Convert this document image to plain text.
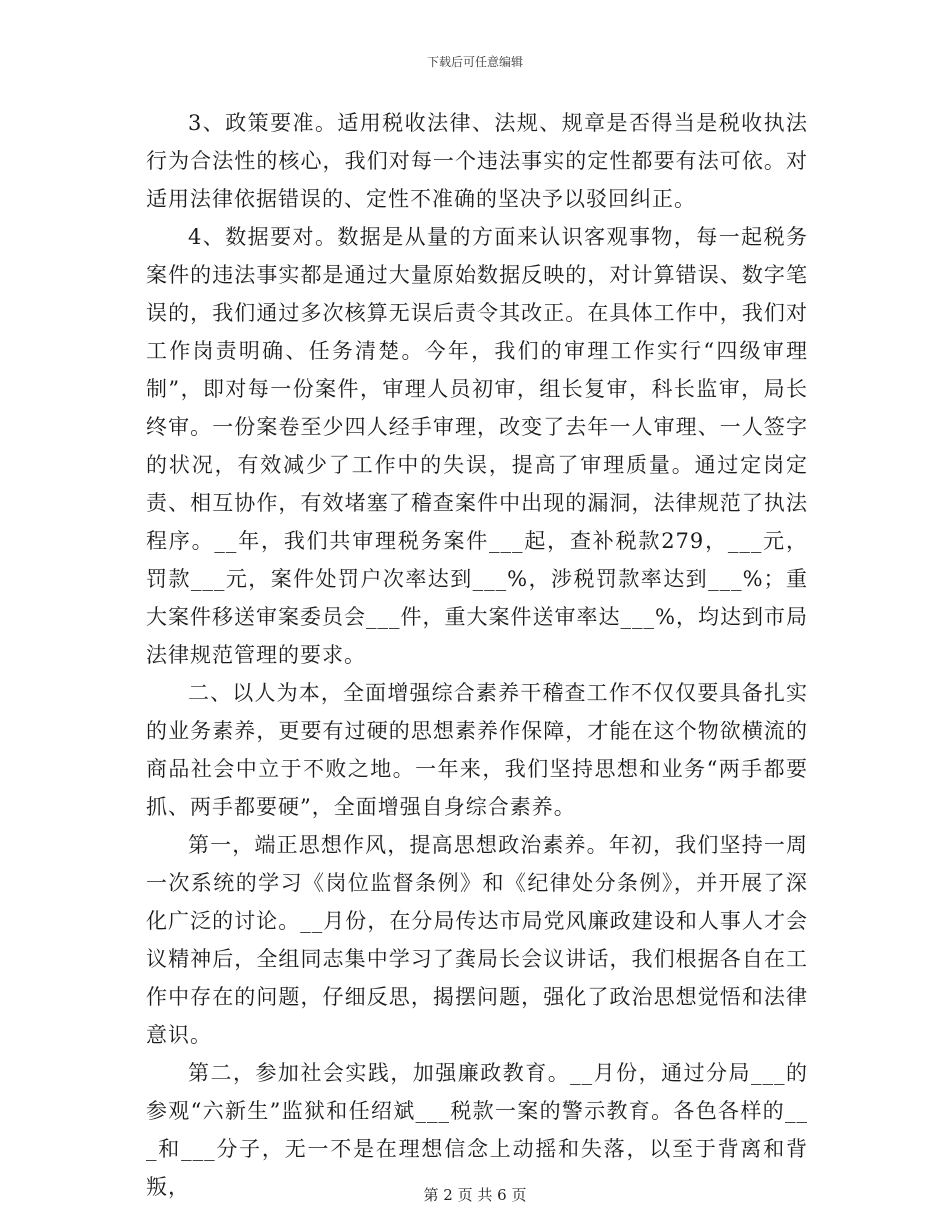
下载后可任意编辑

3、政策要准。适用税收法律、法规、规章是否得当是税收执法行为合法性的核心，我们对每一个违法事实的定性都要有法可依。对适用法律依据错误的、定性不准确的坚决予以驳回纠正。

4、数据要对。数据是从量的方面来认识客观事物，每一起税务案件的违法事实都是通过大量原始数据反映的，对计算错误、数字笔误的，我们通过多次核算无误后责令其改正。在具体工作中，我们对工作岗责明确、任务清楚。今年，我们的审理工作实行“四级审理制”，即对每一份案件，审理人员初审，组长复审，科长监审，局长终审。一份案卷至少四人经手审理，改变了去年一人审理、一人签字的状况，有效减少了工作中的失误，提高了审理质量。通过定岗定责、相互协作，有效堵塞了稽查案件中出现的漏洞，法律规范了执法程序。__年，我们共审理税务案件___起，查补税款279，___元，罚款___元，案件处罚户次率达到___%，涉税罚款率达到___%；重大案件移送审案委员会___件，重大案件送审率达___%，均达到市局法律规范管理的要求。

二、以人为本，全面增强综合素养干稽查工作不仅仅要具备扎实的业务素养，更要有过硬的思想素养作保障，才能在这个物欲横流的商品社会中立于不败之地。一年来，我们坚持思想和业务“两手都要抓、两手都要硬”，全面增强自身综合素养。

第一，端正思想作风，提高思想政治素养。年初，我们坚持一周一次系统的学习《岗位监督条例》和《纪律处分条例》，并开展了深化广泛的讨论。__月份，在分局传达市局党风廉政建设和人事人才会议精神后，全组同志集中学习了龚局长会议讲话，我们根据各自在工作中存在的问题，仔细反思，揭摆问题，强化了政治思想觉悟和法律意识。

第二，参加社会实践，加强廉政教育。__月份，通过分局___的参观“六新生”监狱和任绍斌___税款一案的警示教育。各色各样的___和___分子，无一不是在理想信念上动摇和失落，以至于背离和背叛，	第 2 页 共 6 页
